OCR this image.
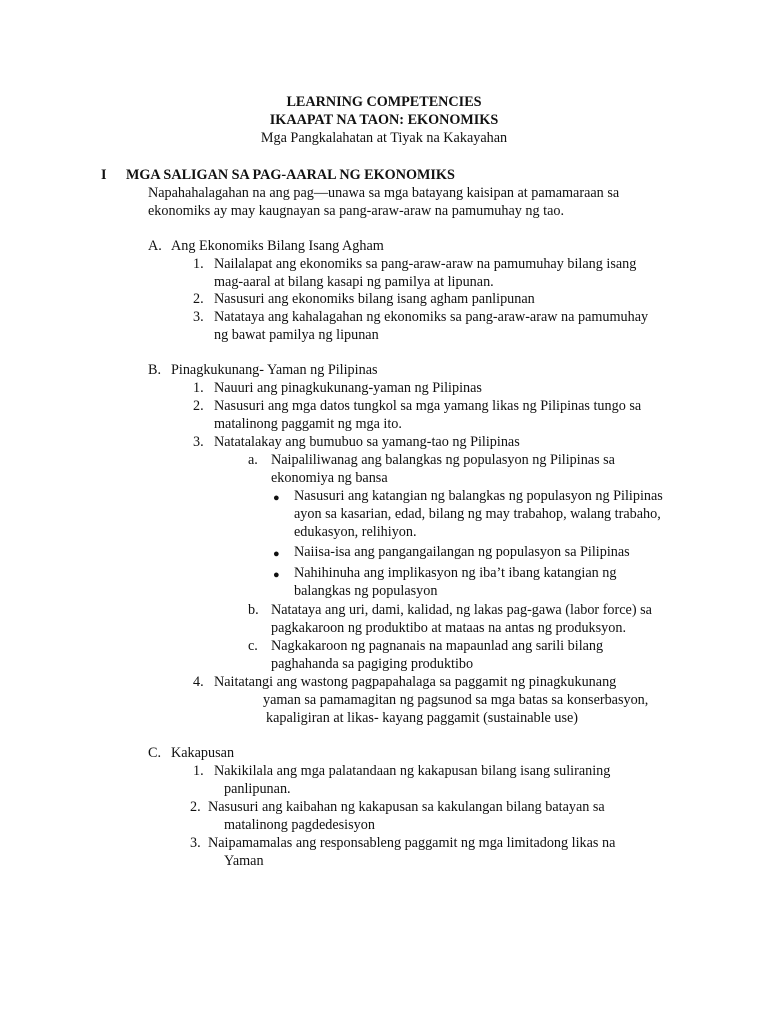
LEARNING COMPETENCIES
IKAAPAT NA TAON: EKONOMIKS
Mga Pangkalahatan at Tiyak na Kakayahan
I MGA SALIGAN SA PAG-AARAL NG EKONOMIKS
Napahahalagahan na ang pag—unawa sa mga batayang kaisipan at pamamaraan sa
ekonomiks ay may kaugnayan sa pang-araw-araw na pamumuhay ng tao.
A. Ang Ekonomiks Bilang Isang Agham
1. Nailalapat ang ekonomiks sa pang-araw-araw na pamumuhay bilang isang
mag-aaral at bilang kasapi ng pamilya at lipunan.
2. Nasusuri ang ekonomiks bilang isang agham panlipunan
3. Natataya ang kahalagahan ng ekonomiks sa pang-araw-araw na pamumuhay
ng bawat pamilya ng lipunan
B. Pinagkukunang- Yaman ng Pilipinas
1. Nauuri ang pinagkukunang-yaman ng Pilipinas
2. Nasusuri ang mga datos tungkol sa mga yamang likas ng Pilipinas tungo sa
matalinong paggamit ng mga ito.
3. Natatalakay ang bumubuo sa yamang-tao ng Pilipinas
a. Naipaliliwanag ang balangkas ng populasyon ng Pilipinas sa
ekonomiya ng bansa
● Nasusuri ang katangian ng balangkas ng populasyon ng Pilipinas
ayon sa kasarian, edad, bilang ng may trabahop, walang trabaho,
edukasyon, relihiyon.
● Naiisa-isa ang pangangailangan ng populasyon sa Pilipinas
● Nahihinuha ang implikasyon ng iba’t ibang katangian ng
balangkas ng populasyon
b. Natataya ang uri, dami, kalidad, ng lakas pag-gawa (labor force) sa
pagkakaroon ng produktibo at mataas na antas ng produksyon.
c. Nagkakaroon ng pagnanais na mapaunlad ang sarili bilang
paghahanda sa pagiging produktibo
4. Naitatangi ang wastong pagpapahalaga sa paggamit ng pinagkukunang
yaman sa pamamagitan ng pagsunod sa mga batas sa konserbasyon,
kapaligiran at likas- kayang paggamit (sustainable use)
C. Kakapusan
1. Nakikilala ang mga palatandaan ng kakapusan bilang isang suliraning
panlipunan.
2. Nasusuri ang kaibahan ng kakapusan sa kakulangan bilang batayan sa
matalinong pagdedesisyon
3. Naipamamalas ang responsableng paggamit ng mga limitadong likas na
Yaman
